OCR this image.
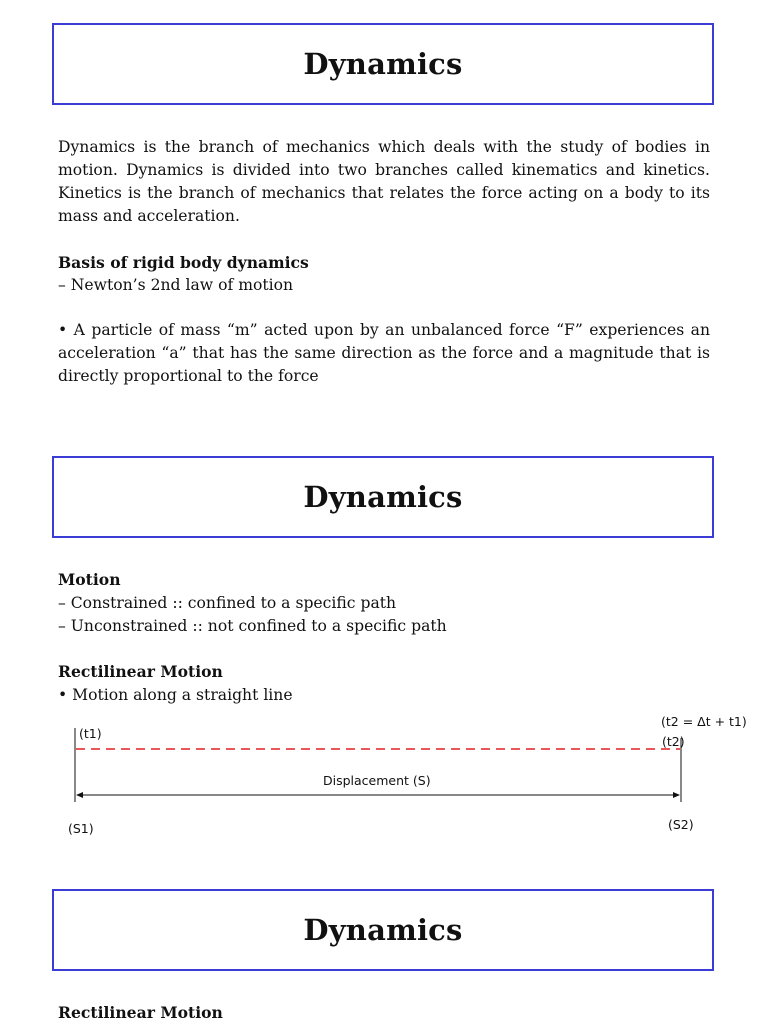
Dynamics

Dynamics is the branch of mechanics which deals with the study of bodies in motion. Dynamics is divided into two branches called kinematics and kinetics. Kinetics is the branch of mechanics that relates the force acting on a body to its mass and acceleration.

Basis of rigid body dynamics
– Newton’s 2nd law of motion

• A particle of mass “m” acted upon by an unbalanced force “F” experiences an acceleration “a” that has the same direction as the force and a magnitude that is directly proportional to the force

Dynamics
Motion
– Constrained :: confined to a specific path
– Unconstrained :: not confined to a specific path
Rectilinear Motion
• Motion along a straight line
(t1)
(t2 = Δt + t1)
(t2)
Displacement (S)
(S1)	(S2)
Dynamics
Rectilinear Motion
